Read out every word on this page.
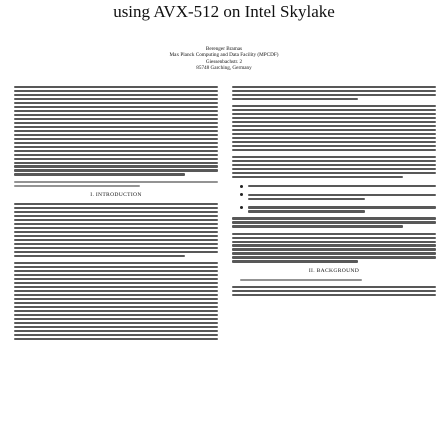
using AVX-512 on Intel Skylake
Berenger Bramas
Max Planck Computing and Data Facility (MPCDF)
Giessenbachstr. 2
85748 Garching, Germany
I. INTRODUCTION
II. BACKGROUND
